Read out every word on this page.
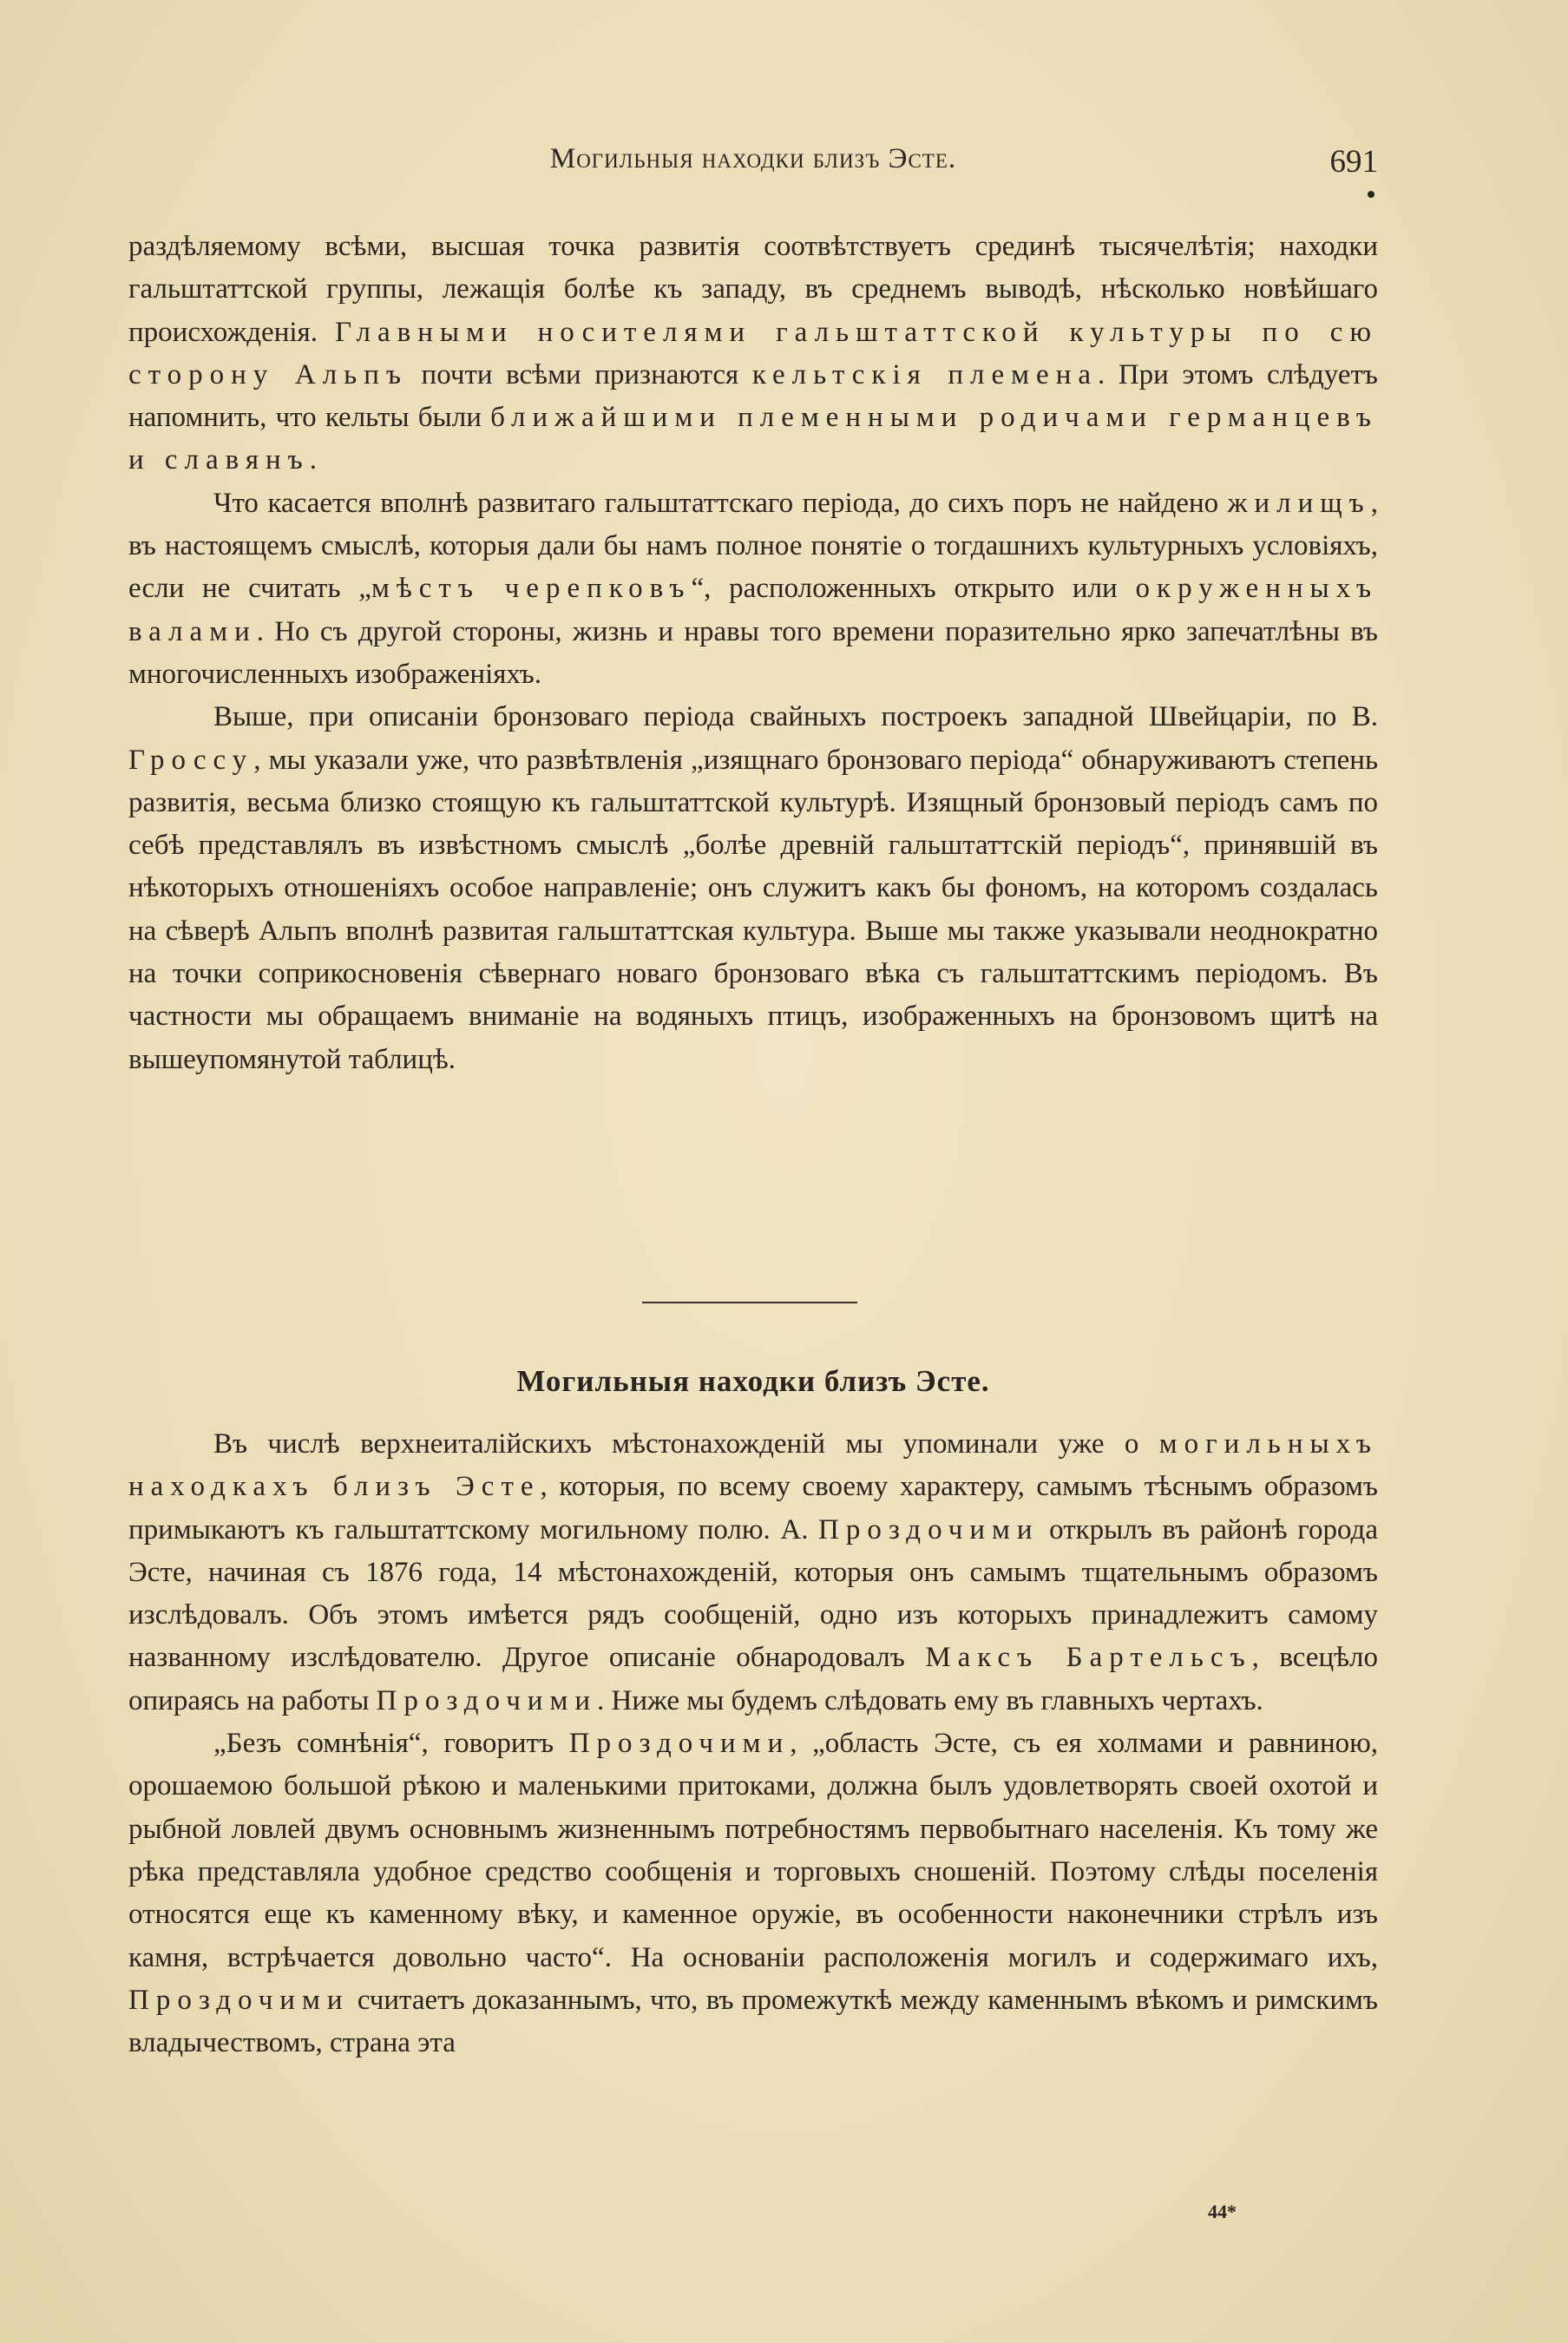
Могильныя находки близъ Эсте.	691

раздѣляемому всѣми, высшая точка развитія соотвѣтствуетъ срединѣ тысячелѣтія; находки гальштаттской группы, лежащія болѣе къ западу, въ среднемъ выводѣ, нѣсколько новѣйшаго происхожденія. Главными носителями гальштаттской культуры по сю сторону Альпъ почти всѣми признаются кельтскія племена. При этомъ слѣдуетъ напомнить, что кельты были ближайшими племенными родичами германцевъ и славянъ.

Что касается вполнѣ развитаго гальштаттскаго періода, до сихъ поръ не найдено жилищъ, въ настоящемъ смыслѣ, которыя дали бы намъ полное понятіе о тогдашнихъ культурныхъ условіяхъ, если не считать „мѣстъ черепковъ“, расположенныхъ открыто или окруженныхъ валами. Но съ другой стороны, жизнь и нравы того времени поразительно ярко запечатлѣны въ многочисленныхъ изображеніяхъ.

Выше, при описаніи бронзоваго періода свайныхъ построекъ западной Швейцаріи, по В. Гроссу, мы указали уже, что развѣтвленія „изящнаго бронзоваго періода“ обнаруживаютъ степень развитія, весьма близко стоящую къ гальштаттской культурѣ. Изящный бронзовый періодъ самъ по себѣ представлялъ въ извѣстномъ смыслѣ „болѣе древній гальштаттскій періодъ“, принявшій въ нѣкоторыхъ отношеніяхъ особое направленіе; онъ служитъ какъ бы фономъ, на которомъ создалась на сѣверѣ Альпъ вполнѣ развитая гальштаттская культура. Выше мы также указывали неоднократно на точки соприкосновенія сѣвернаго новаго бронзоваго вѣка съ гальштаттскимъ періодомъ. Въ частности мы обращаемъ вниманіе на водяныхъ птицъ, изображенныхъ на бронзовомъ щитѣ на вышеупомянутой таблицѣ.

Могильныя находки близъ Эсте.

Въ числѣ верхнеиталійскихъ мѣстонахожденій мы упоминали уже о могильныхъ находкахъ близъ Эсте, которыя, по всему своему характеру, самымъ тѣснымъ образомъ примыкаютъ къ гальштаттскому могильному полю. А. Проздочими открылъ въ районѣ города Эсте, начиная съ 1876 года, 14 мѣстонахожденій, которыя онъ самымъ тщательнымъ образомъ изслѣдовалъ. Объ этомъ имѣется рядъ сообщеній, одно изъ которыхъ принадлежитъ самому названному изслѣдователю. Другое описаніе обнародовалъ Максъ Бартельсъ, всецѣло опираясь на работы Проздочими. Ниже мы будемъ слѣдовать ему въ главныхъ чертахъ.

„Безъ сомнѣнія“, говоритъ Проздочими, „область Эсте, съ ея холмами и равниною, орошаемою большой рѣкою и маленькими притоками, должна былъ удовлетворять своей охотой и рыбной ловлей двумъ основнымъ жизненнымъ потребностямъ первобытнаго населенія. Къ тому же рѣка представляла удобное средство сообщенія и торговыхъ сношеній. Поэтому слѣды поселенія относятся еще къ каменному вѣку, и каменное оружіе, въ особенности наконечники стрѣлъ изъ камня, встрѣчается довольно часто“. На основаніи расположенія могилъ и содержимаго ихъ, Проздочими считаетъ доказаннымъ, что, въ промежуткѣ между каменнымъ вѣкомъ и римскимъ владычествомъ, страна эта

44*
